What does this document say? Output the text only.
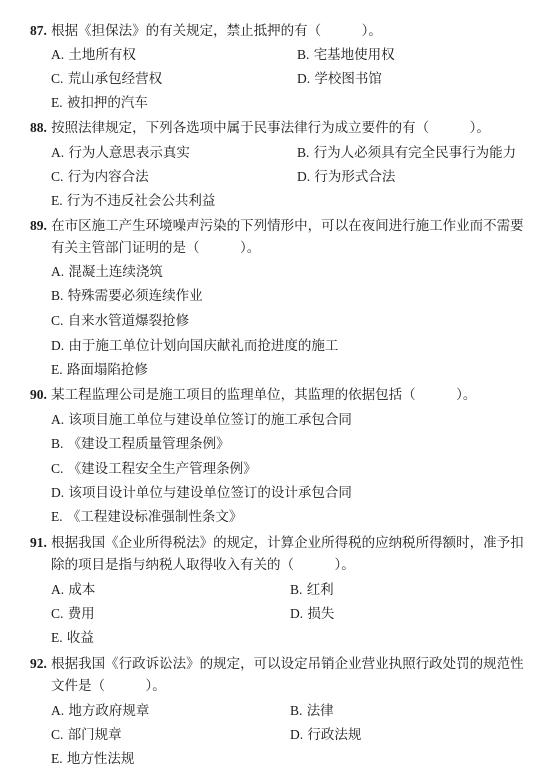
87. 根据《担保法》的有关规定，禁止抵押的有（　　　）。
A. 土地所有权	B. 宅基地使用权
C. 荒山承包经营权	D. 学校图书馆
E. 被扣押的汽车
88. 按照法律规定，下列各选项中属于民事法律行为成立要件的有（　　　）。
A. 行为人意思表示真实	B. 行为人必须具有完全民事行为能力
C. 行为内容合法	D. 行为形式合法
E. 行为不违反社会公共利益
89. 在市区施工产生环境噪声污染的下列情形中，可以在夜间进行施工作业而不需要
有关主管部门证明的是（　　　）。
A. 混凝土连续浇筑
B. 特殊需要必须连续作业
C. 自来水管道爆裂抢修
D. 由于施工单位计划向国庆献礼而抢进度的施工
E. 路面塌陷抢修
90. 某工程监理公司是施工项目的监理单位，其监理的依据包括（　　　）。
A. 该项目施工单位与建设单位签订的施工承包合同
B. 《建设工程质量管理条例》
C. 《建设工程安全生产管理条例》
D. 该项目设计单位与建设单位签订的设计承包合同
E. 《工程建设标准强制性条文》
91. 根据我国《企业所得税法》的规定，计算企业所得税的应纳税所得额时，准予扣
除的项目是指与纳税人取得收入有关的（　　　）。
A. 成本	B. 红利
C. 费用	D. 损失
E. 收益
92. 根据我国《行政诉讼法》的规定，可以设定吊销企业营业执照行政处罚的规范性
文件是（　　　）。
A. 地方政府规章	B. 法律
C. 部门规章	D. 行政法规
E. 地方性法规
